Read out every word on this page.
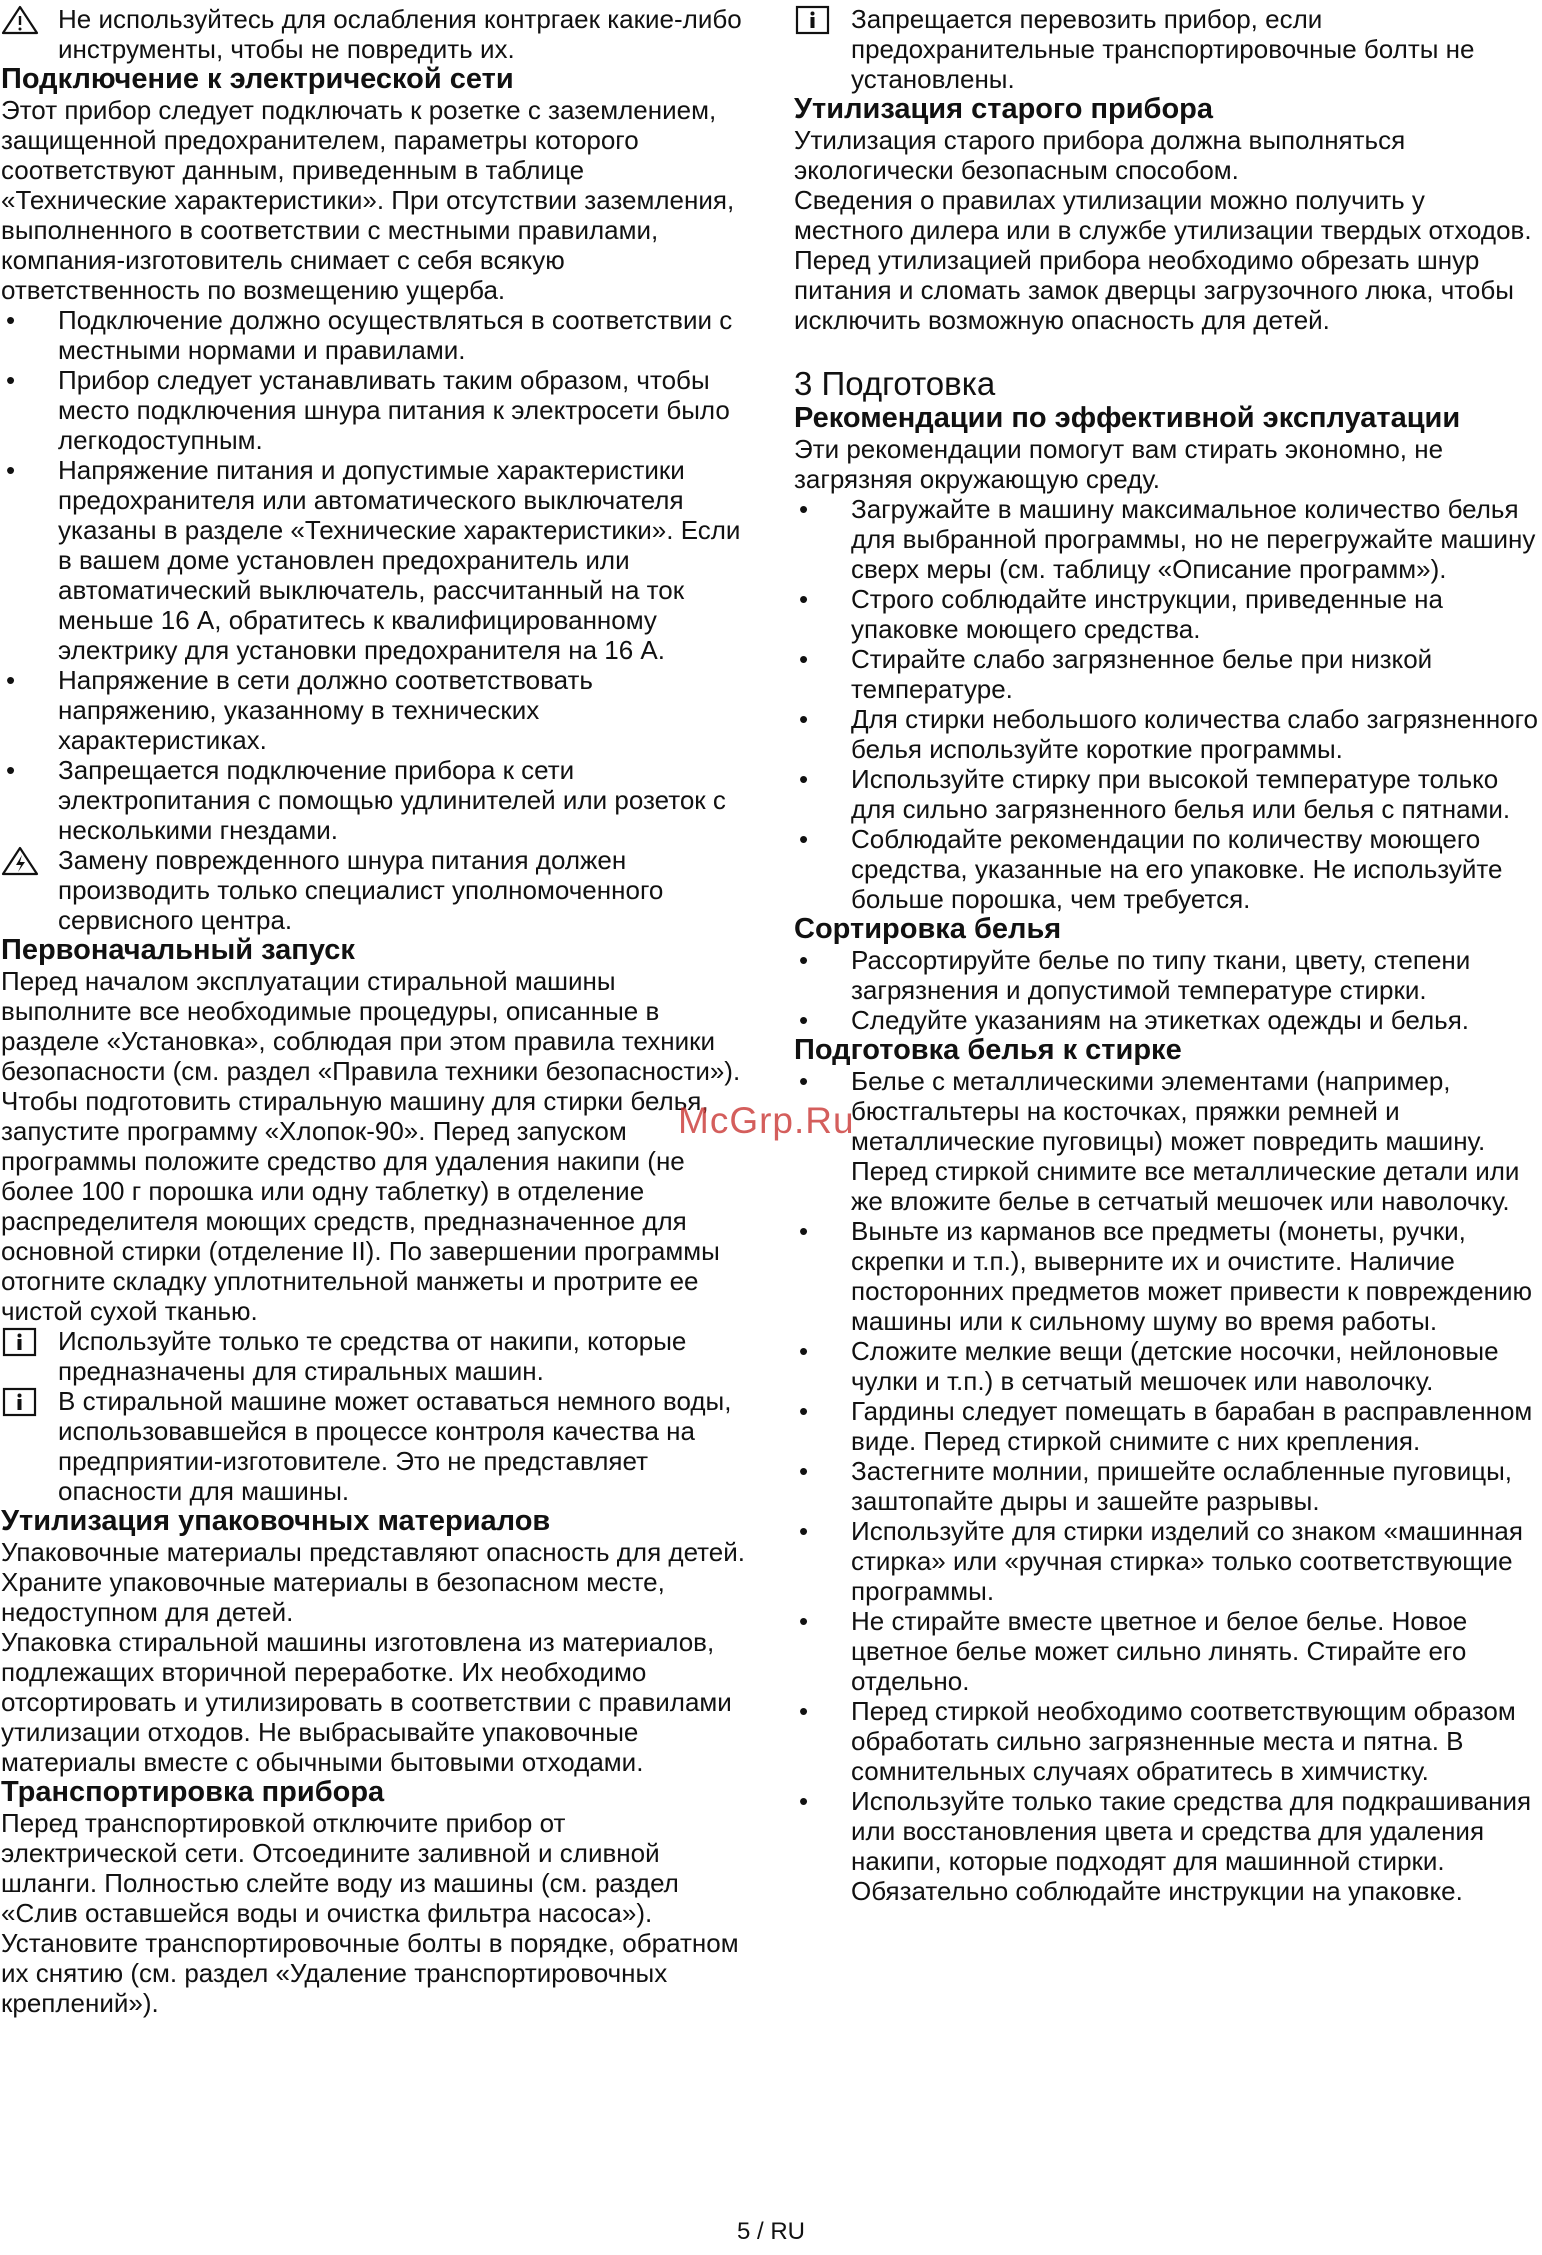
Не используйтесь для ослабления контргаек какие-либо инструменты, чтобы не повредить их.

Подключение к электрической сети

Этот прибор следует подключать к розетке с заземлением, защищенной предохранителем, параметры которого соответствуют данным, приведенным в таблице «Технические характеристики». При отсутствии заземления, выполненного в соответствии с местными правилами, компания-изготовитель снимает с себя всякую ответственность по возмещению ущерба.

• Подключение должно осуществляться в соответствии с местными нормами и правилами.
• Прибор следует устанавливать таким образом, чтобы место подключения шнура питания к электросети было легкодоступным.
• Напряжение питания и допустимые характеристики предохранителя или автоматического выключателя указаны в разделе «Технические характеристики». Если в вашем доме установлен предохранитель или автоматический выключатель, рассчитанный на ток меньше 16 А, обратитесь к квалифицированному электрику для установки предохранителя на 16 А.
• Напряжение в сети должно соответствовать напряжению, указанному в технических характеристиках.
• Запрещается подключение прибора к сети электропитания с помощью удлинителей или розеток с несколькими гнездами.
Замену поврежденного шнура питания должен производить только специалист уполномоченного сервисного центра.

Первоначальный запуск

Перед началом эксплуатации стиральной машины выполните все необходимые процедуры, описанные в разделе «Установка», соблюдая при этом правила техники безопасности (см. раздел «Правила техники безопасности»).

Чтобы подготовить стиральную машину для стирки белья, запустите программу «Хлопок-90». Перед запуском программы положите средство для удаления накипи (не более 100 г порошка или одну таблетку) в отделение распределителя моющих средств, предназначенное для основной стирки (отделение II). По завершении программы отогните складку уплотнительной манжеты и протрите ее чистой сухой тканью.

Используйте только те средства от накипи, которые предназначены для стиральных машин.
В стиральной машине может оставаться немного воды, использовавшейся в процессе контроля качества на предприятии-изготовителе. Это не представляет опасности для машины.

Утилизация упаковочных материалов

Упаковочные материалы представляют опасность для детей. Храните упаковочные материалы в безопасном месте, недоступном для детей.

Упаковка стиральной машины изготовлена из материалов, подлежащих вторичной переработке. Их необходимо отсортировать и утилизировать в соответствии с правилами утилизации отходов. Не выбрасывайте упаковочные материалы вместе с обычными бытовыми отходами.

Транспортировка прибора

Перед транспортировкой отключите прибор от электрической сети. Отсоедините заливной и сливной шланги. Полностью слейте воду из машины (см. раздел «Слив оставшейся воды и очистка фильтра насоса»). Установите транспортировочные болты в порядке, обратном их снятию (см. раздел «Удаление транспортировочных креплений»).

Запрещается перевозить прибор, если предохранительные транспортировочные болты не установлены.

Утилизация старого прибора

Утилизация старого прибора должна выполняться экологически безопасным способом.

Сведения о правилах утилизации можно получить у местного дилера или в службе утилизации твердых отходов.

Перед утилизацией прибора необходимо обрезать шнур питания и сломать замок дверцы загрузочного люка, чтобы исключить возможную опасность для детей.

3 Подготовка

Рекомендации по эффективной эксплуатации

Эти рекомендации помогут вам стирать экономно, не загрязняя окружающую среду.

• Загружайте в машину максимальное количество белья для выбранной программы, но не перегружайте машину сверх меры (см. таблицу «Описание программ»).
• Строго соблюдайте инструкции, приведенные на упаковке моющего средства.
• Стирайте слабо загрязненное белье при низкой температуре.
• Для стирки небольшого количества слабо загрязненного белья используйте короткие программы.
• Используйте стирку при высокой температуре только для сильно загрязненного белья или белья с пятнами.
• Соблюдайте рекомендации по количеству моющего средства, указанные на его упаковке. Не используйте больше порошка, чем требуется.

Сортировка белья

• Рассортируйте белье по типу ткани, цвету, степени загрязнения и допустимой температуре стирки.
• Следуйте указаниям на этикетках одежды и белья.

Подготовка белья к стирке

• Белье с металлическими элементами (например, бюстгальтеры на косточках, пряжки ремней и металлические пуговицы) может повредить машину. Перед стиркой снимите все металлические детали или же вложите белье в сетчатый мешочек или наволочку.
• Выньте из карманов все предметы (монеты, ручки, скрепки и т.п.), выверните их и очистите. Наличие посторонних предметов может привести к повреждению машины или к сильному шуму во время работы.
• Сложите мелкие вещи (детские носочки, нейлоновые чулки и т.п.) в сетчатый мешочек или наволочку.
• Гардины следует помещать в барабан в расправленном виде. Перед стиркой снимите с них крепления.
• Застегните молнии, пришейте ослабленные пуговицы, заштопайте дыры и зашейте разрывы.
• Используйте для стирки изделий со знаком «машинная стирка» или «ручная стирка» только соответствующие программы.
• Не стирайте вместе цветное и белое белье. Новое цветное белье может сильно линять. Стирайте его отдельно.
• Перед стиркой необходимо соответствующим образом обработать сильно загрязненные места и пятна. В сомнительных случаях обратитесь в химчистку.
• Используйте только такие средства для подкрашивания или восстановления цвета и средства для удаления накипи, которые подходят для машинной стирки. Обязательно соблюдайте инструкции на упаковке.
McGrp.Ru
5 / RU
